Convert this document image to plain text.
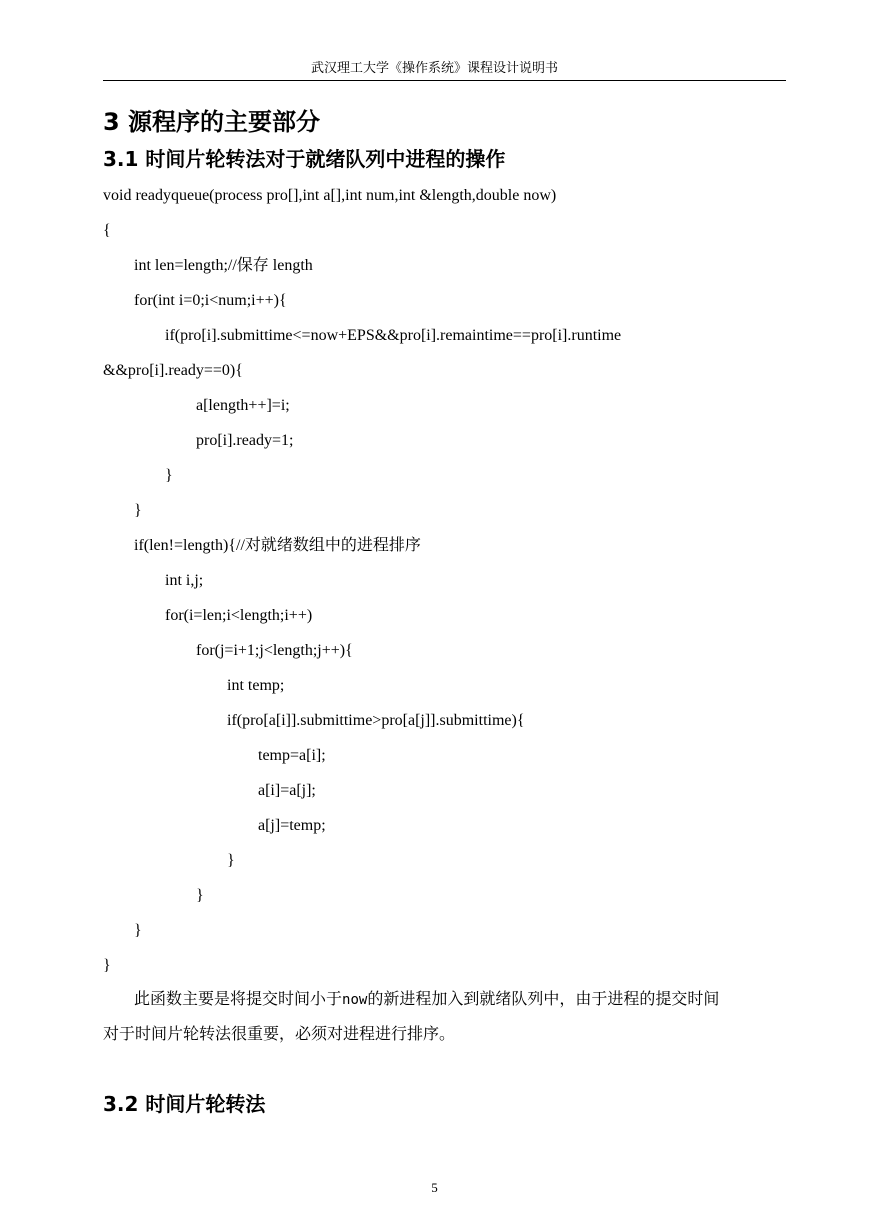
武汉理工大学《操作系统》课程设计说明书
3 源程序的主要部分
3.1 时间片轮转法对于就绪队列中进程的操作
void readyqueue(process pro[],int a[],int num,int &length,double now)
{
int len=length;//保存 length
for(int i=0;i<num;i++){
if(pro[i].submittime<=now+EPS&&pro[i].remaintime==pro[i].runtime
&&pro[i].ready==0){
a[length++]=i;
pro[i].ready=1;
}
}
if(len!=length){//对就绪数组中的进程排序
int i,j;
for(i=len;i<length;i++)
for(j=i+1;j<length;j++){
int temp;
if(pro[a[i]].submittime>pro[a[j]].submittime){
temp=a[i];
a[i]=a[j];
a[j]=temp;
}
}
}
}
此函数主要是将提交时间小于now的新进程加入到就绪队列中，由于进程的提交时间
对于时间片轮转法很重要，必须对进程进行排序。
3.2 时间片轮转法
5
